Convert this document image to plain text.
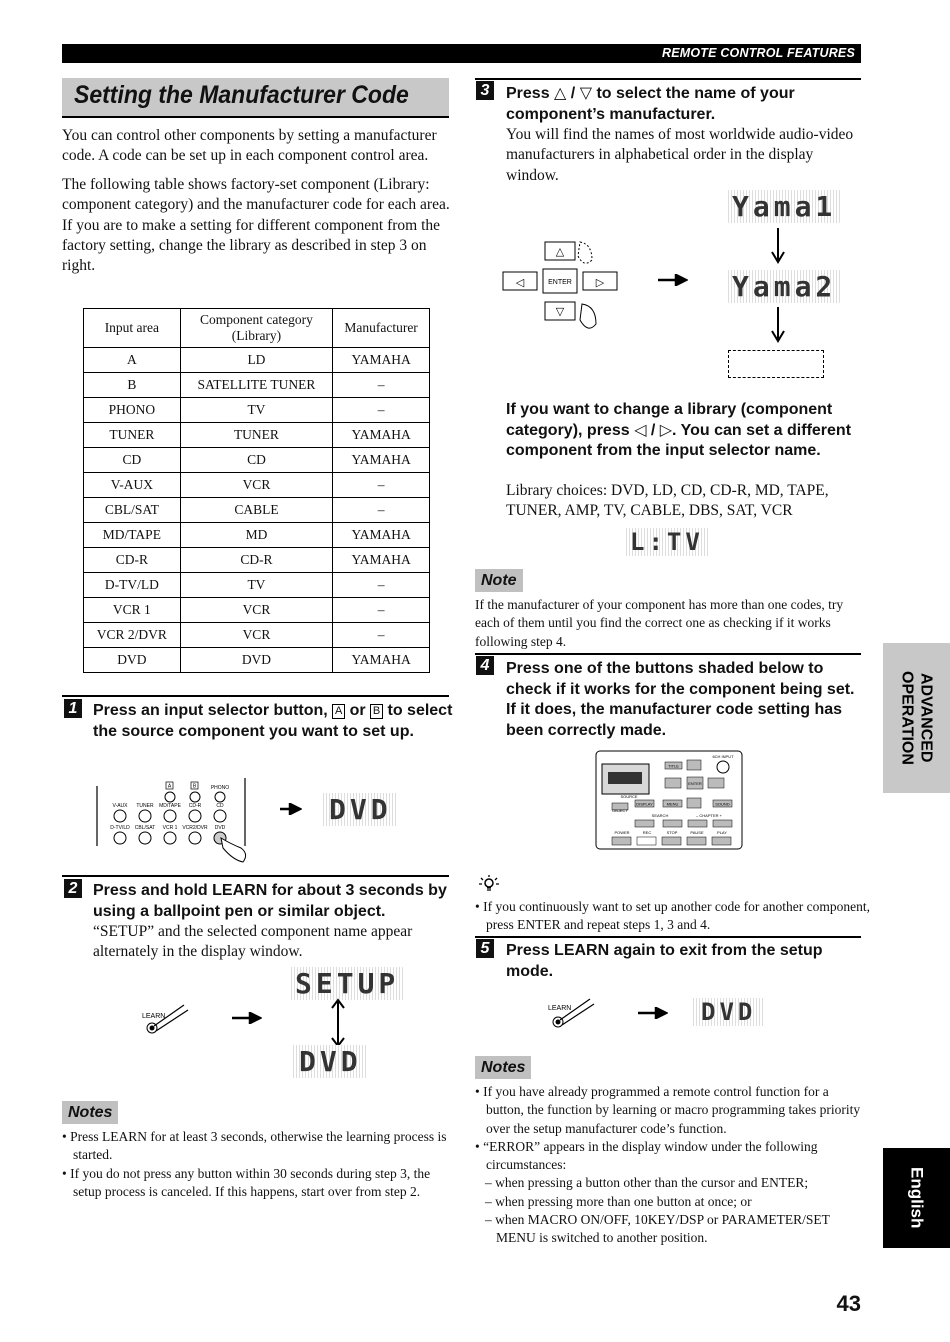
REMOTE CONTROL FEATURES
Setting the Manufacturer Code

You can control other components by setting a manufacturer code. A code can be set up in each component control area.

The following table shows factory-set component (Library: component category) and the manufacturer code for each area. If you are to make a setting for different component from the factory setting, change the library as described in step 3 on right.

Input area	Component category (Library)	Manufacturer
A	LD	YAMAHA
B	SATELLITE TUNER	–
PHONO	TV	–
TUNER	TUNER	YAMAHA
CD	CD	YAMAHA
V-AUX	VCR	–
CBL/SAT	CABLE	–
MD/TAPE	MD	YAMAHA
CD-R	CD-R	YAMAHA
D-TV/LD	TV	–
VCR 1	VCR	–
VCR 2/DVR	VCR	–
DVD	DVD	YAMAHA
1 Press an input selector button, A or B to select the source component you want to set up.
A	B	PHONO
V-AUX TUNER MD/TAPE CD-R	CD
D-TV/LD CBL/SAT VCR 1 VCR2/DVR DVD
DVD
2 Press and hold LEARN for about 3 seconds by using a ballpoint pen or similar object.
“SETUP” and the selected component name appear alternately in the display window.
LEARN
SETUP
DVD
Notes
• Press LEARN for at least 3 seconds, otherwise the learning process is started.
• If you do not press any button within 30 seconds during step 3, the setup process is canceled. If this happens, start over from step 2.
3 Press △ / ▽ to select the name of your component’s manufacturer.
You will find the names of most worldwide audio-video manufacturers in alphabetical order in the display window.
Yama1
Yama2
△
◁	ENTER ▷
▽
If you want to change a library (component category), press ◁ / ▷. You can set a different component from the input selector name.
Library choices: DVD, LD, CD, CD-R, MD, TAPE, TUNER, AMP, TV, CABLE, DBS, SAT, VCR
L:TV
Note
If the manufacturer of your component has more than one codes, try each of them until you find the correct one as checking if it works following step 4.
4 Press one of the buttons shaded below to check if it works for the component being set. If it does, the manufacturer code setting has been correctly made.
TITLE
6CH INPUT
ENTER
SOURCE
DISPLAY	MENU	SOUND
OBJECT
SEARCH	– CHAPTER +
POWER	REC	STOP	PAUSE	PLAY
• If you continuously want to set up another code for another component, press ENTER and repeat steps 1, 3 and 4.
5 Press LEARN again to exit from the setup mode.
LEARN	DVD
Notes
• If you have already programmed a remote control function for a button, the function by learning or macro programming takes priority over the setup manufacturer code’s function.
• “ERROR” appears in the display window under the following circumstances:
– when pressing a button other than the cursor and ENTER;
– when pressing more than one button at once; or
– when MACRO ON/OFF, 10KEY/DSP or PARAMETER/SET MENU is switched to another position.
ADVANCED OPERATION
English
43
